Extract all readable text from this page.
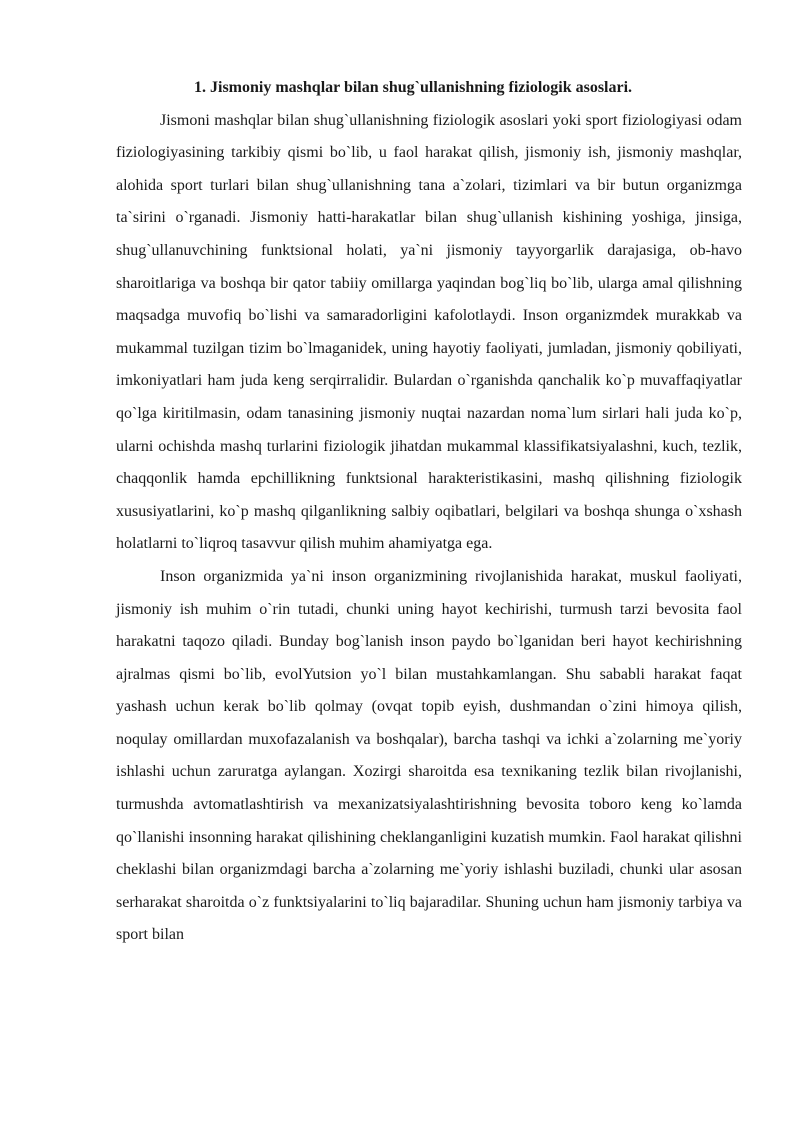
1. Jismoniy mashqlar bilan shug`ullanishning fiziologik asoslari.

Jismoni mashqlar bilan shug`ullanishning fiziologik asoslari yoki sport fiziologiyasi odam fiziologiyasining tarkibiy qismi bo`lib, u faol harakat qilish, jismoniy ish, jismoniy mashqlar, alohida sport turlari bilan shug`ullanishning tana a`zolari, tizimlari va bir butun organizmga ta`sirini o`rganadi. Jismoniy hatti-harakatlar bilan shug`ullanish kishining yoshiga, jinsiga, shug`ullanuvchining funktsional holati, ya`ni jismoniy tayyorgarlik darajasiga, ob-havo sharoitlariga va boshqa bir qator tabiiy omillarga yaqindan bog`liq bo`lib, ularga amal qilishning maqsadga muvofiq bo`lishi va samaradorligini kafolotlaydi. Inson organizmdek murakkab va mukammal tuzilgan tizim bo`lmaganidek, uning hayotiy faoliyati, jumladan, jismoniy qobiliyati, imkoniyatlari ham juda keng serqirralidir. Bulardan o`rganishda qanchalik ko`p muvaffaqiyatlar qo`lga kiritilmasin, odam tanasining jismoniy nuqtai nazardan noma`lum sirlari hali juda ko`p, ularni ochishda mashq turlarini fiziologik jihatdan mukammal klassifikatsiyalashni, kuch, tezlik, chaqqonlik hamda epchillikning funktsional harakteristikasini, mashq qilishning fiziologik xususiyatlarini, ko`p mashq qilganlikning salbiy oqibatlari, belgilari va boshqa shunga o`xshash holatlarni to`liqroq tasavvur qilish muhim ahamiyatga ega.

Inson organizmida ya`ni inson organizmining rivojlanishida harakat, muskul faoliyati, jismoniy ish muhim o`rin tutadi, chunki uning hayot kechirishi, turmush tarzi bevosita faol harakatni taqozo qiladi. Bunday bog`lanish inson paydo bo`lganidan beri hayot kechirishning ajralmas qismi bo`lib, evolYutsion yo`l bilan mustahkamlangan. Shu sababli harakat faqat yashash uchun kerak bo`lib qolmay (ovqat topib eyish, dushmandan o`zini himoya qilish, noqulay omillardan muxofazalanish va boshqalar), barcha tashqi va ichki a`zolarning me`yoriy ishlashi uchun zaruratga aylangan. Xozirgi sharoitda esa texnikaning tezlik bilan rivojlanishi, turmushda avtomatlashtirish va mexanizatsiyalashtirishning bevosita toboro keng ko`lamda qo`llanishi insonning harakat qilishining cheklanganligini kuzatish mumkin. Faol harakat qilishni cheklashi bilan organizmdagi barcha a`zolarning me`yoriy ishlashi buziladi, chunki ular asosan serharakat sharoitda o`z funktsiyalarini to`liq bajaradilar. Shuning uchun ham jismoniy tarbiya va sport bilan
